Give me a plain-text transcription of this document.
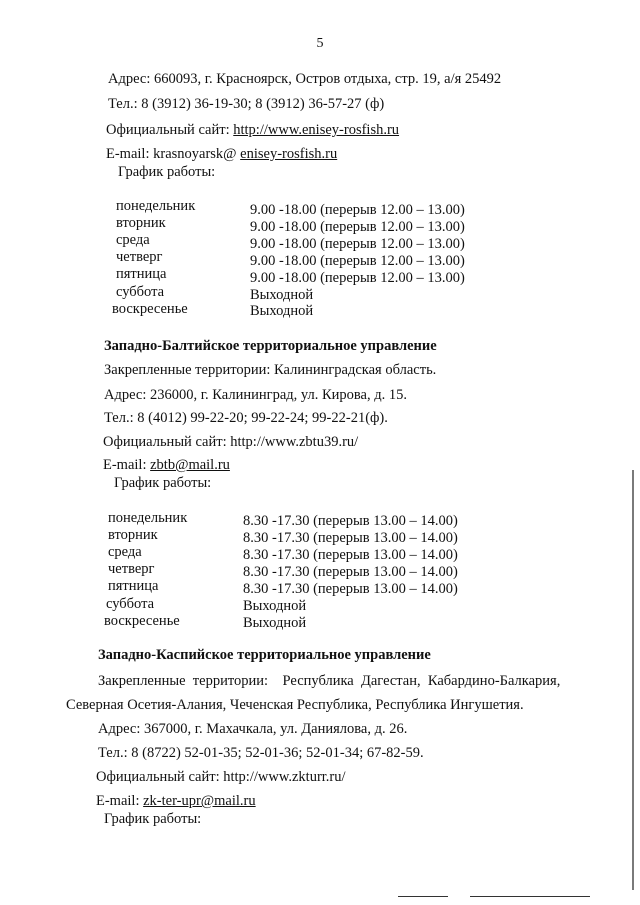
5
Адрес: 660093, г. Красноярск, Остров отдыха, стр. 19, а/я 25492
Тел.: 8 (3912) 36-19-30; 8 (3912) 36-57-27 (ф)
Официальный сайт: http://www.enisey-rosfish.ru
E-mail: krasnoyarsk@ enisey-rosfish.ru
График работы:
понедельник	9.00 -18.00 (перерыв 12.00 – 13.00)
вторник	9.00 -18.00 (перерыв 12.00 – 13.00)
среда	9.00 -18.00 (перерыв 12.00 – 13.00)
четверг	9.00 -18.00 (перерыв 12.00 – 13.00)
пятница	9.00 -18.00 (перерыв 12.00 – 13.00)
суббота	Выходной
воскресенье	Выходной
Западно-Балтийское территориальное управление
Закрепленные территории: Калининградская область.
Адрес: 236000, г. Калининград, ул. Кирова, д. 15.
Тел.: 8 (4012) 99-22-20; 99-22-24; 99-22-21(ф).
Официальный сайт: http://www.zbtu39.ru/
E-mail: zbtb@mail.ru
График работы:
понедельник	8.30 -17.30 (перерыв 13.00 – 14.00)
вторник	8.30 -17.30 (перерыв 13.00 – 14.00)
среда	8.30 -17.30 (перерыв 13.00 – 14.00)
четверг	8.30 -17.30 (перерыв 13.00 – 14.00)
пятница	8.30 -17.30 (перерыв 13.00 – 14.00)
суббота	Выходной
воскресенье	Выходной
Западно-Каспийское территориальное управление
Закрепленные  территории:    Республика  Дагестан,  Кабардино-Балкария,
Северная Осетия-Алания, Чеченская Республика, Республика Ингушетия.
Адрес: 367000, г. Махачкала, ул. Даниялова, д. 26.
Тел.: 8 (8722) 52-01-35; 52-01-36; 52-01-34; 67-82-59.
Официальный сайт: http://www.zkturr.ru/
E-mail: zk-ter-upr@mail.ru
График работы:
